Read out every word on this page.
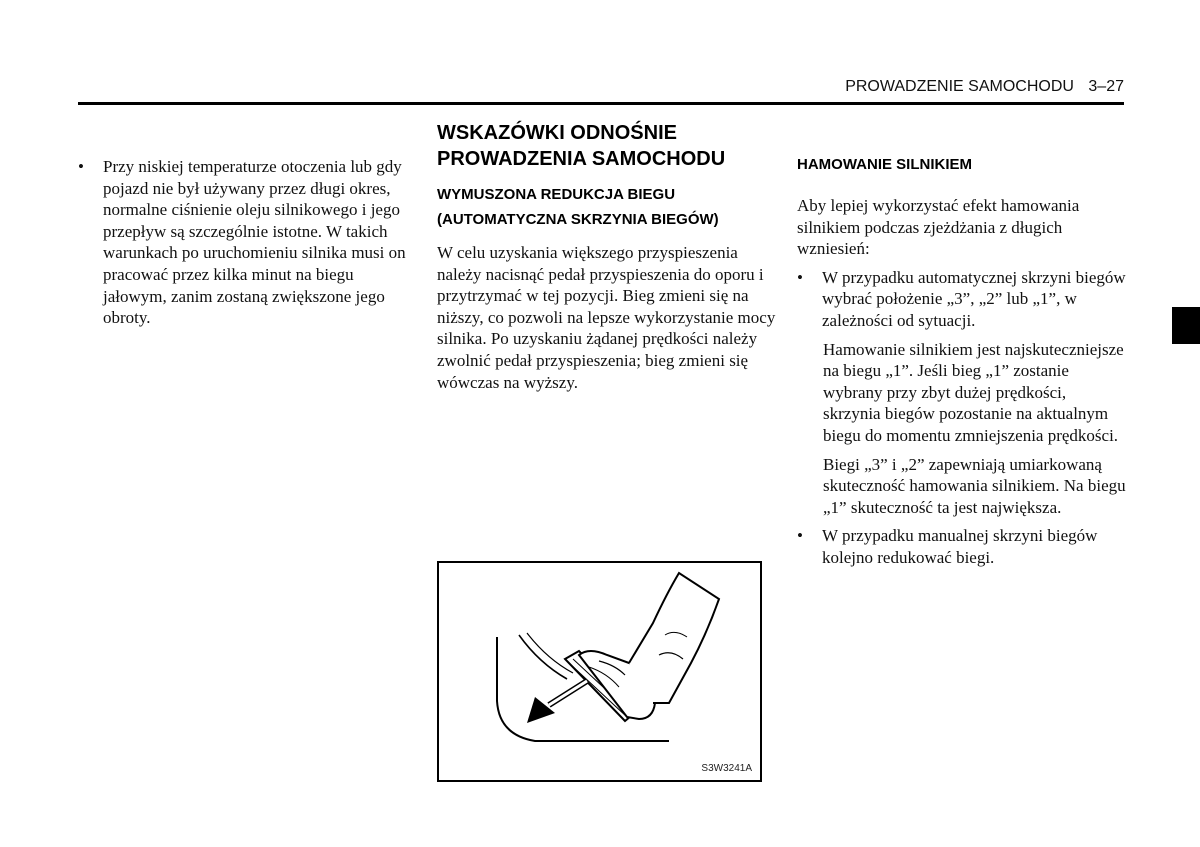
PROWADZENIE SAMOCHODU 3–27
•	Przy niskiej temperaturze otoczenia lub gdy pojazd nie był używany przez długi okres, normalne ciśnienie oleju silnikowego i jego przepływ są szczególnie istotne. W takich warunkach po uruchomieniu silnika musi on pracować przez kilka minut na biegu jałowym, zanim zostaną zwiększone jego obroty.

WSKAZÓWKI ODNOŚNIE PROWADZENIA SAMOCHODU
WYMUSZONA REDUKCJA BIEGU (AUTOMATYCZNA SKRZYNIA BIEGÓW)

W celu uzyskania większego przyspieszenia należy nacisnąć pedał przyspieszenia do oporu i przytrzymać w tej pozycji. Bieg zmieni się na niższy, co pozwoli na lepsze wykorzystanie mocy silnika. Po uzyskaniu żądanej prędkości należy zwolnić pedał przyspieszenia; bieg zmieni się wówczas na wyższy.

S3W3241A
HAMOWANIE SILNIKIEM

Aby lepiej wykorzystać efekt hamowania silnikiem podczas zjeżdżania z długich wzniesień:

•	W przypadku automatycznej skrzyni biegów wybrać położenie „3”, „2” lub „1”, w zależności od sytuacji.

Hamowanie silnikiem jest najskuteczniejsze na biegu „1”. Jeśli bieg „1” zostanie wybrany przy zbyt dużej prędkości, skrzynia biegów pozostanie na aktualnym biegu do momentu zmniejszenia prędkości.

Biegi „3” i „2” zapewniają umiarkowaną skuteczność hamowania silnikiem. Na biegu „1” skuteczność ta jest największa.

•	W przypadku manualnej skrzyni biegów kolejno redukować biegi.
